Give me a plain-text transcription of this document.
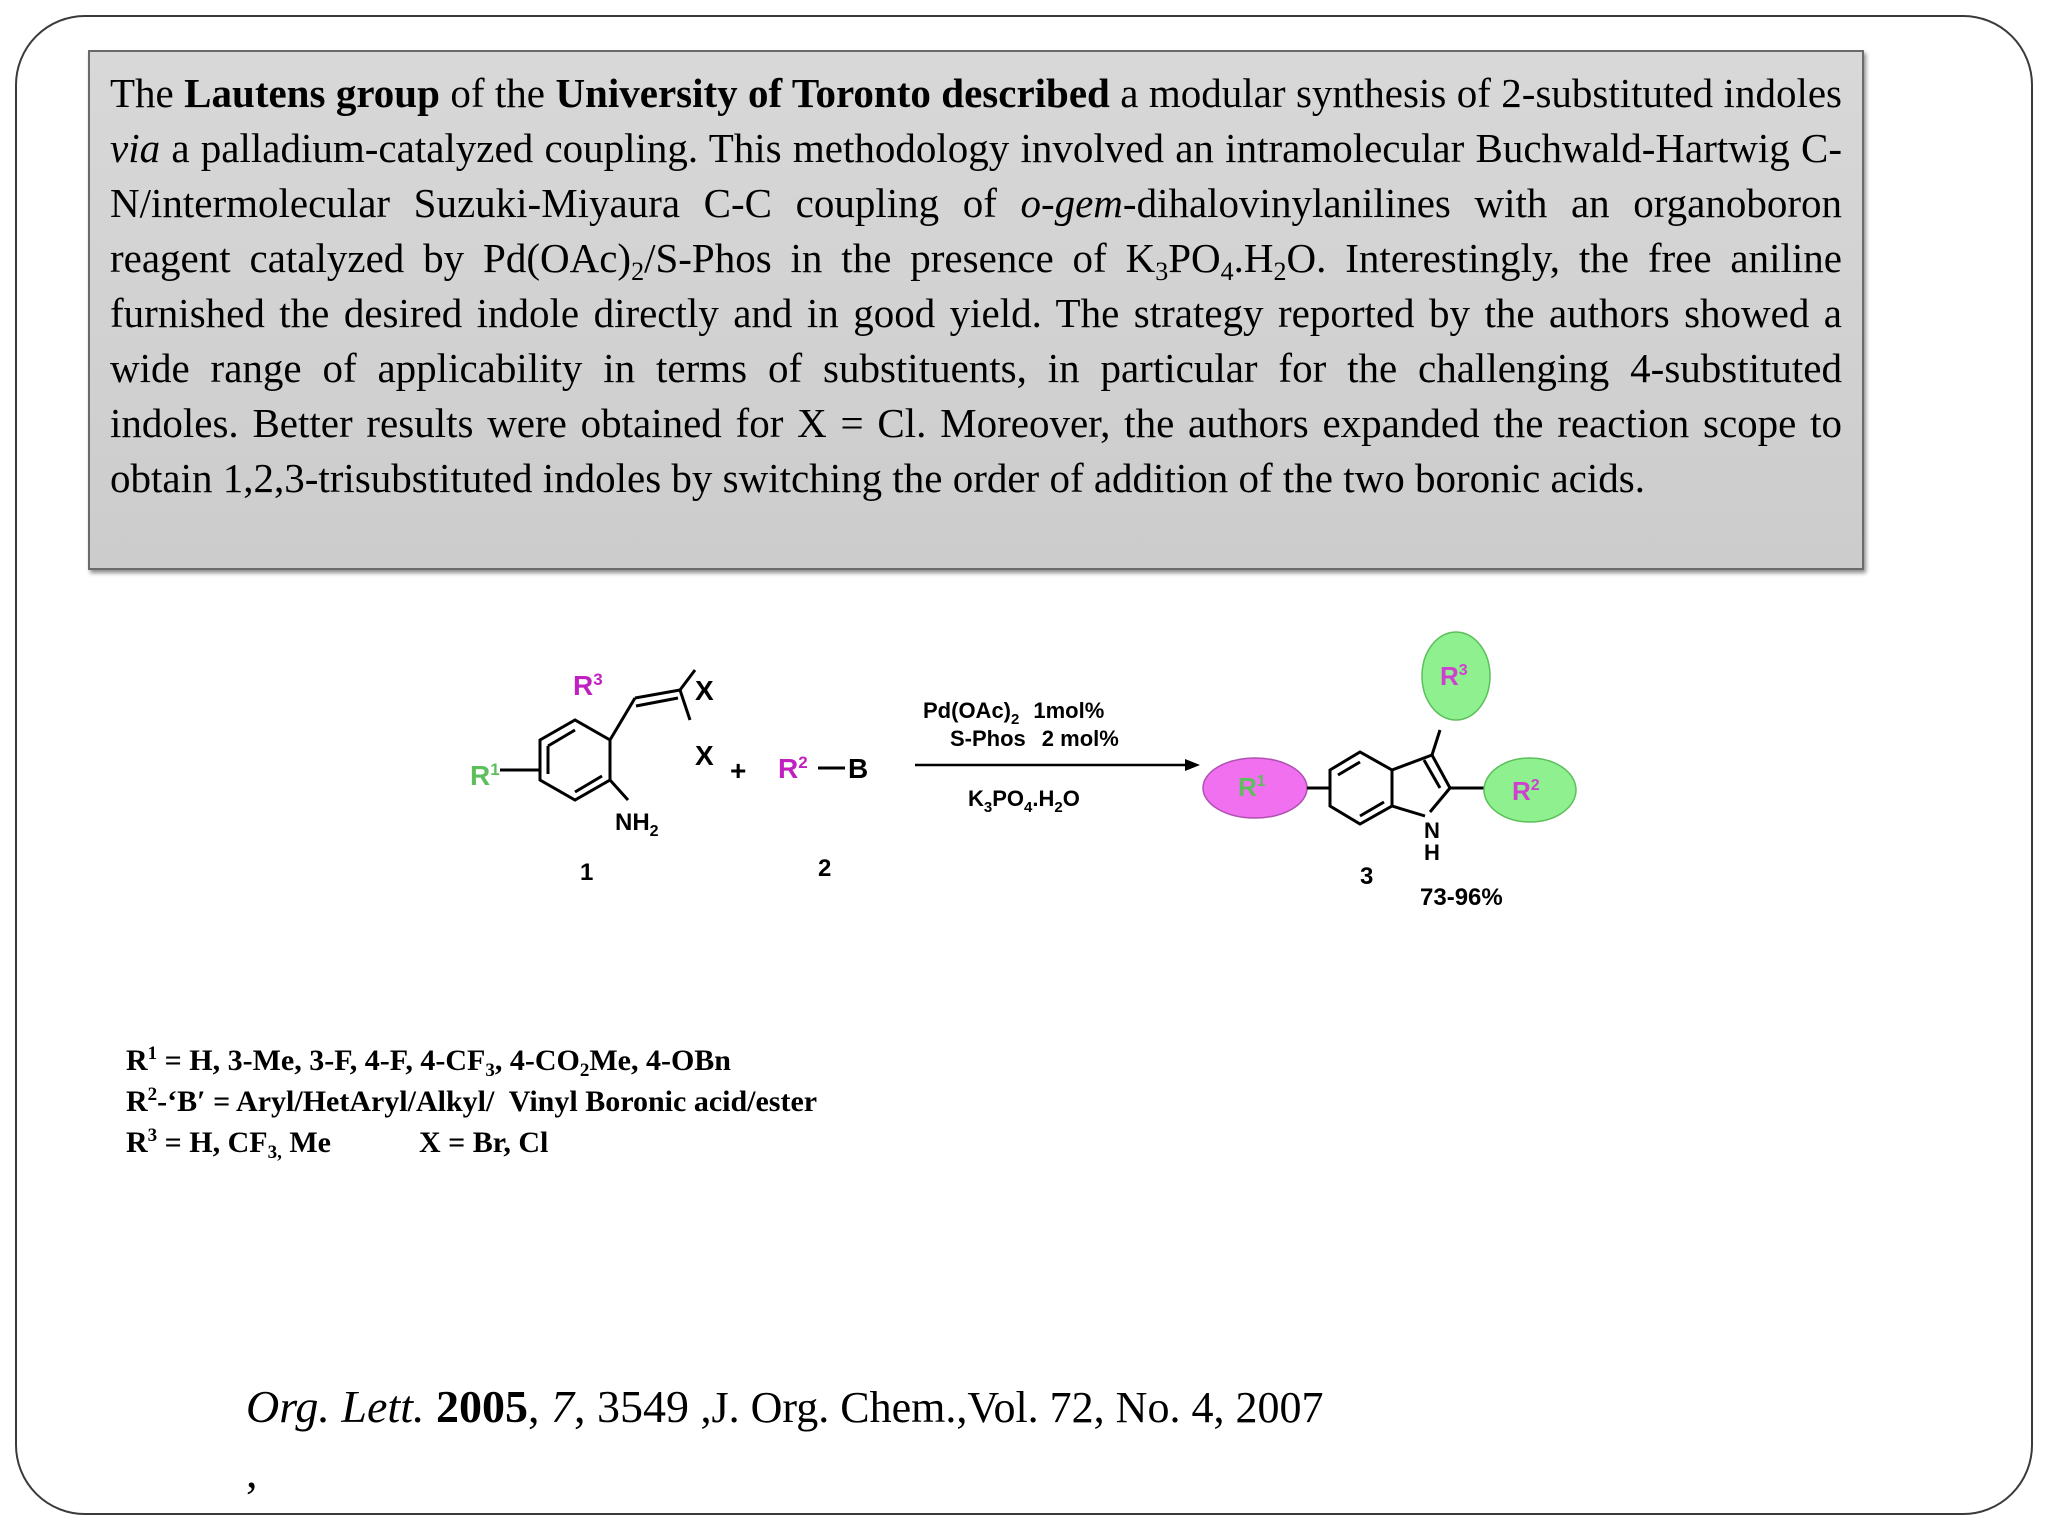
The Lautens group of the University of Toronto described a modular synthesis of 2-substituted indoles via a palladium-catalyzed coupling. This methodology involved an intramolecular Buchwald-Hartwig C-N/intermolecular Suzuki-Miyaura C-C coupling of o-gem-dihalovinylanilines with an organoboron reagent catalyzed by $Pd(OAc)_2/S$-Phos in the presence of $K_3PO_4.H_2O$. Interestingly, the free aniline furnished the desired indole directly and in good yield. The strategy reported by the authors showed a wide range of applicability in terms of substituents, in particular for the challenging 4-substituted indoles. Better results were obtained for X = Cl. Moreover, the authors expanded the reaction scope to obtain 1,2,3-trisubstituted indoles by switching the order of addition of the two boronic acids.

$R^3$	X
X
$R^1$
$NH_2$
1
+ $R^2$ B
2
$Pd(OAc)_2$ 1mol%
S-Phos 2 mol%
$K_3PO_4.H_2O$	$R^1$
N
H
$R^3$
$R^2$
3
73-96%
$R^1 = H$, 3-Me, 3-F, 4-F, $4-CF_3$, $4-CO_2Me$, 4-OBn
$R^2-‘B'$ = Aryl/HetAryl/Alkyl/  Vinyl Boronic acid/ester
$R^3 = H$, $CF_{3,}$ Me	X = Br, Cl
Org. Lett. 2005, 7, 3549 ,J. Org. Chem.,Vol. 72, No. 4, 2007
,
